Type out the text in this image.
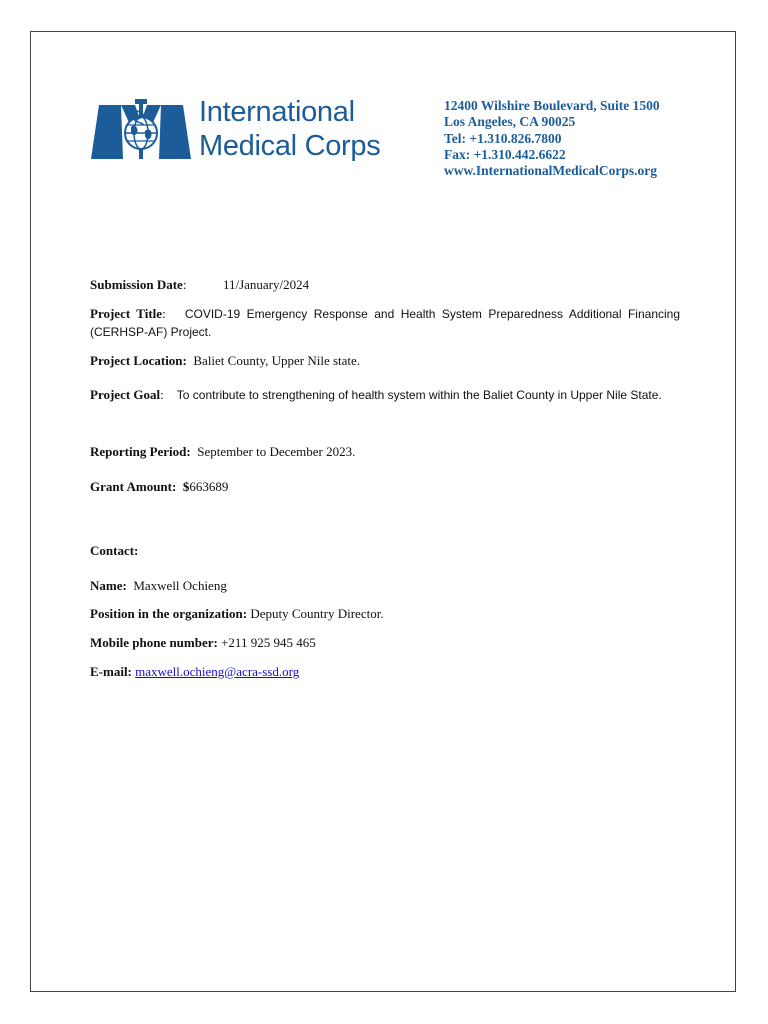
International
Medical Corps
12400 Wilshire Boulevard, Suite 1500
Los Angeles, CA 90025
Tel: +1.310.826.7800
Fax: +1.310.442.6622
www.InternationalMedicalCorps.org
Submission Date:	11/January/2024
Project Title: COVID-19 Emergency Response and Health System Preparedness Additional Financing (CERHSP-AF) Project.
Project Location: Baliet County, Upper Nile state.
Project Goal: To contribute to strengthening of health system within the Baliet County in Upper Nile State.
Reporting Period: September to December 2023.
Grant Amount: $663689
Contact:
Name: Maxwell Ochieng
Position in the organization: Deputy Country Director.
Mobile phone number: +211 925 945 465
E-mail: maxwell.ochieng@acra-ssd.org
